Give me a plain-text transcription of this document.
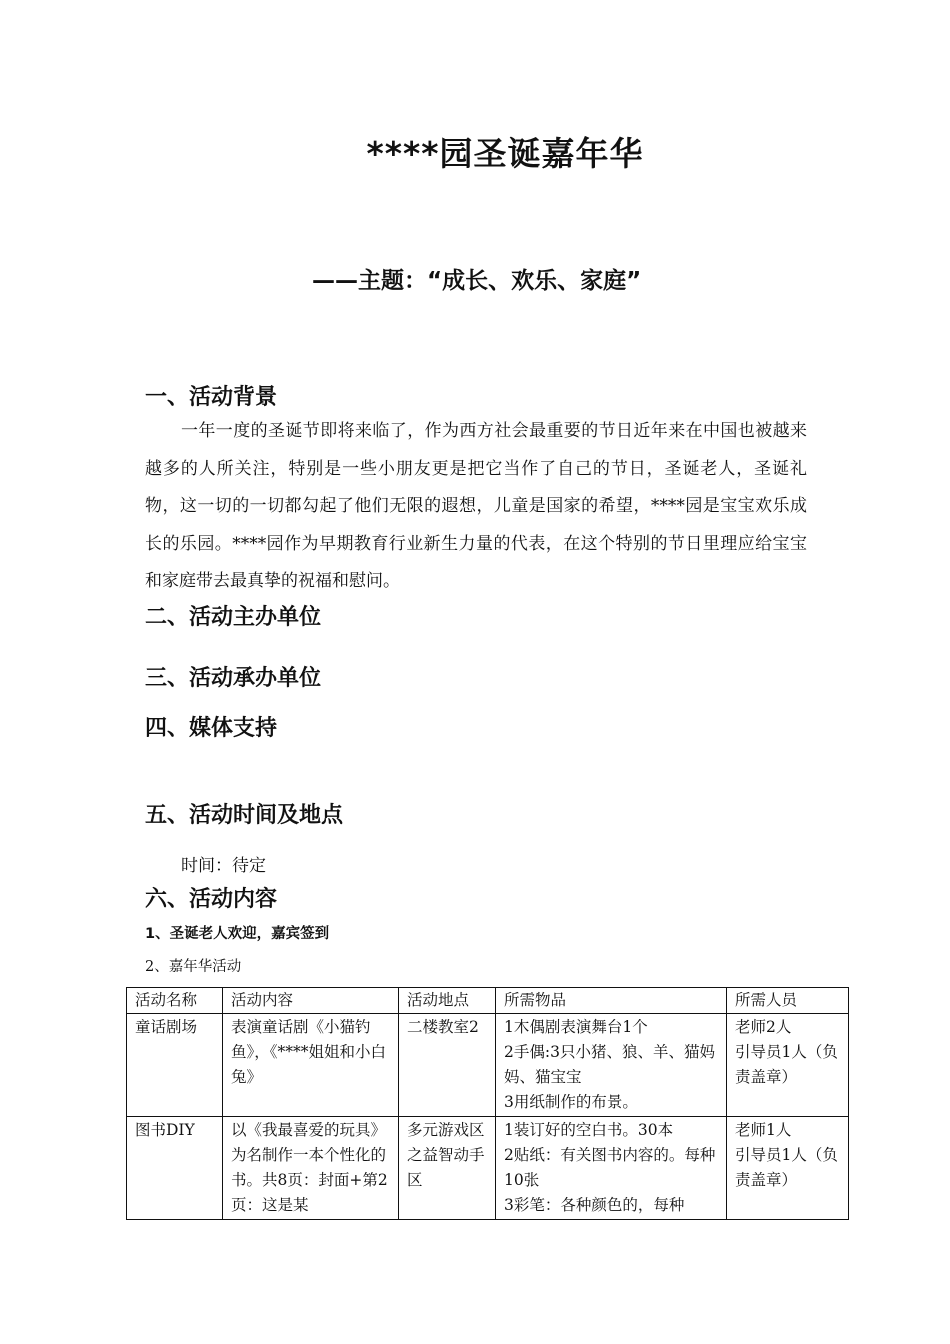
****园圣诞嘉年华
——主题：“成长、欢乐、家庭”
一、活动背景

一年一度的圣诞节即将来临了，作为西方社会最重要的节日近年来在中国也被越来越多的人所关注，特别是一些小朋友更是把它当作了自己的节日，圣诞老人，圣诞礼物，这一切的一切都勾起了他们无限的遐想，儿童是国家的希望，****园是宝宝欢乐成长的乐园。****园作为早期教育行业新生力量的代表，在这个特别的节日里理应给宝宝和家庭带去最真挚的祝福和慰问。

二、活动主办单位
三、活动承办单位
四、媒体支持
五、活动时间及地点
时间：待定
六、活动内容
1、圣诞老人欢迎，嘉宾签到
2、嘉年华活动
活动名称	活动内容	活动地点	所需物品	所需人员
童话剧场	表演童话剧《小猫钓鱼》，《****姐姐和小白兔》	二楼教室2	1木偶剧表演舞台1个
2手偶:3只小猪、狼、羊、猫妈妈、猫宝宝
3用纸制作的布景。	老师2人
引导员1人（负责盖章）

图书DIY	以《我最喜爱的玩具》为名制作一本个性化的书。共8页：封面+第2页：这是某	多元游戏区之益智动手区	1装订好的空白书。30本
2贴纸：有关图书内容的。每种10张
3彩笔：各种颜色的，每种	老师1人
引导员1人（负责盖章）
